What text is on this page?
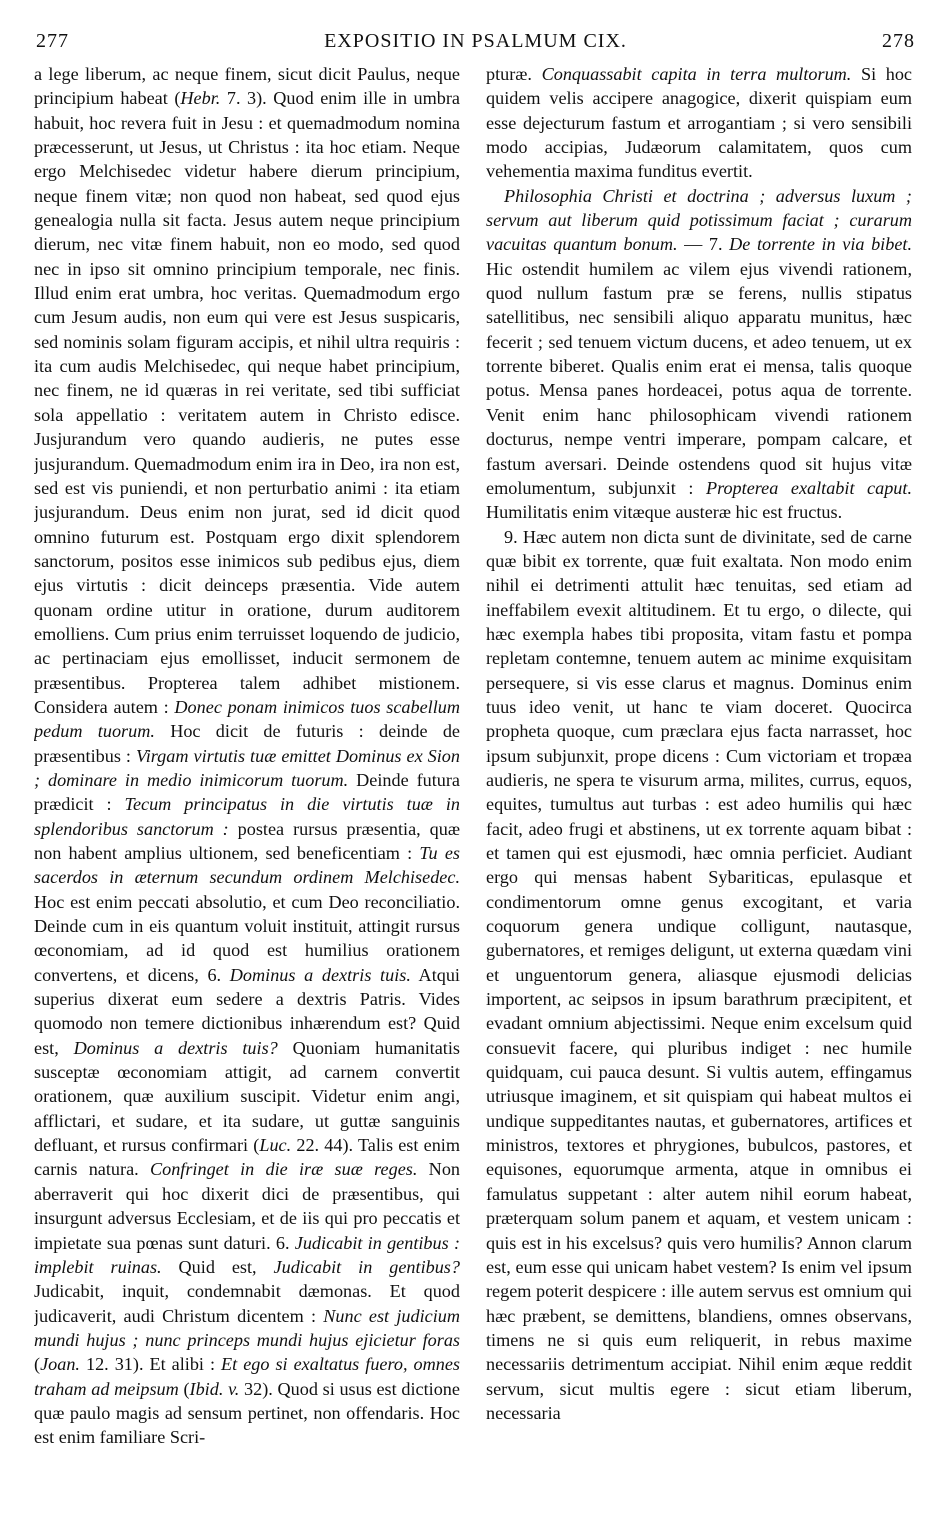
277	EXPOSITIO IN PSALMUM CIX.	278

a lege liberum, ac neque finem, sicut dicit Paulus, neque principium habeat (Hebr. 7. 3). Quod enim ille in umbra habuit, hoc revera fuit in Jesu : et quemadmodum nomina præcesserunt, ut Jesus, ut Christus : ita hoc etiam. Neque ergo Melchisedec videtur habere dierum principium, neque finem vitæ; non quod non habeat, sed quod ejus genealogia nulla sit facta. Jesus autem neque principium dierum, nec vitæ finem habuit, non eo modo, sed quod nec in ipso sit omnino principium temporale, nec finis. Illud enim erat umbra, hoc veritas. Quemadmodum ergo cum Jesum audis, non eum qui vere est Jesus suspicaris, sed nominis solam figuram accipis, et nihil ultra requiris : ita cum audis Melchisedec, qui neque habet principium, nec finem, ne id quæras in rei veritate, sed tibi sufficiat sola appellatio : veritatem autem in Christo edisce. Jusjurandum vero quando audieris, ne putes esse jusjurandum. Quemadmodum enim ira in Deo, ira non est, sed est vis puniendi, et non perturbatio animi : ita etiam jusjurandum. Deus enim non jurat, sed id dicit quod omnino futurum est. Postquam ergo dixit splendorem sanctorum, positos esse inimicos sub pedibus ejus, diem ejus virtutis : dicit deinceps præsentia. Vide autem quonam ordine utitur in oratione, durum auditorem emolliens. Cum prius enim terruisset loquendo de judicio, ac pertinaciam ejus emollisset, inducit sermonem de præsentibus. Propterea talem adhibet mistionem. Considera autem : Donec ponam inimicos tuos scabellum pedum tuorum. Hoc dicit de futuris : deinde de præsentibus : Virgam virtutis tuæ emittet Dominus ex Sion ; dominare in medio inimicorum tuorum. Deinde futura prædicit : Tecum principatus in die virtutis tuæ in splendoribus sanctorum : postea rursus præsentia, quæ non habent amplius ultionem, sed beneficentiam : Tu es sacerdos in æternum secundum ordinem Melchisedec. Hoc est enim peccati absolutio, et cum Deo reconciliatio. Deinde cum in eis quantum voluit instituit, attingit rursus œconomiam, ad id quod est humilius orationem convertens, et dicens, 6. Dominus a dextris tuis. Atqui superius dixerat eum sedere a dextris Patris. Vides quomodo non temere dictionibus inhærendum est? Quid est, Dominus a dextris tuis? Quoniam humanitatis susceptæ œconomiam attigit, ad carnem convertit orationem, quæ auxilium suscipit. Videtur enim angi, afflictari, et sudare, et ita sudare, ut guttæ sanguinis defluant, et rursus confirmari (Luc. 22. 44). Talis est enim carnis natura. Confringet in die iræ suæ reges. Non aberraverit qui hoc dixerit dici de præsentibus, qui insurgunt adversus Ecclesiam, et de iis qui pro peccatis et impietate sua pœnas sunt daturi. 6. Judicabit in gentibus : implebit ruinas. Quid est, Judicabit in gentibus? Judicabit, inquit, condemnabit dæmonas. Et quod judicaverit, audi Christum dicentem : Nunc est judicium mundi hujus ; nunc princeps mundi hujus ejicietur foras (Joan. 12. 31). Et alibi : Et ego si exaltatus fuero, omnes traham ad meipsum (Ibid. v. 32). Quod si usus est dictione quæ paulo magis ad sensum pertinet, non offendaris. Hoc est enim familiare Scri-

pturæ. Conquassabit capita in terra multorum. Si hoc quidem velis accipere anagogice, dixerit quispiam eum esse dejecturum fastum et arrogantiam ; si vero sensibili modo accipias, Judæorum calamitatem, quos cum vehementia maxima funditus evertit.

Philosophia Christi et doctrina ; adversus luxum ; servum aut liberum quid potissimum faciat ; curarum vacuitas quantum bonum. — 7. De torrente in via bibet. Hic ostendit humilem ac vilem ejus vivendi rationem, quod nullum fastum præ se ferens, nullis stipatus satellitibus, nec sensibili aliquo apparatu munitus, hæc fecerit ; sed tenuem victum ducens, et adeo tenuem, ut ex torrente biberet. Qualis enim erat ei mensa, talis quoque potus. Mensa panes hordeacei, potus aqua de torrente. Venit enim hanc philosophicam vivendi rationem docturus, nempe ventri imperare, pompam calcare, et fastum aversari. Deinde ostendens quod sit hujus vitæ emolumentum, subjunxit : Propterea exaltabit caput. Humilitatis enim vitæque austeræ hic est fructus.

9. Hæc autem non dicta sunt de divinitate, sed de carne quæ bibit ex torrente, quæ fuit exaltata. Non modo enim nihil ei detrimenti attulit hæc tenuitas, sed etiam ad ineffabilem evexit altitudinem. Et tu ergo, o dilecte, qui hæc exempla habes tibi proposita, vitam fastu et pompa repletam contemne, tenuem autem ac minime exquisitam persequere, si vis esse clarus et magnus. Dominus enim tuus ideo venit, ut hanc te viam doceret. Quocirca propheta quoque, cum præclara ejus facta narrasset, hoc ipsum subjunxit, prope dicens : Cum victoriam et tropæa audieris, ne spera te visurum arma, milites, currus, equos, equites, tumultus aut turbas : est adeo humilis qui hæc facit, adeo frugi et abstinens, ut ex torrente aquam bibat : et tamen qui est ejusmodi, hæc omnia perficiet. Audiant ergo qui mensas habent Sybariticas, epulasque et condimentorum omne genus excogitant, et varia coquorum genera undique colligunt, nautasque, gubernatores, et remiges deligunt, ut externa quædam vini et unguentorum genera, aliasque ejusmodi delicias importent, ac seipsos in ipsum barathrum præcipitent, et evadant omnium abjectissimi. Neque enim excelsum quid consuevit facere, qui pluribus indiget : nec humile quidquam, cui pauca desunt. Si vultis autem, effingamus utriusque imaginem, et sit quispiam qui habeat multos ei undique suppeditantes nautas, et gubernatores, artifices et ministros, textores et phrygiones, bubulcos, pastores, et equisones, equorumque armenta, atque in omnibus ei famulatus suppetant : alter autem nihil eorum habeat, præterquam solum panem et aquam, et vestem unicam : quis est in his excelsus? quis vero humilis? Annon clarum est, eum esse qui unicam habet vestem? Is enim vel ipsum regem poterit despicere : ille autem servus est omnium qui hæc præbent, se demittens, blandiens, omnes observans, timens ne si quis eum reliquerit, in rebus maxime necessariis detrimentum accipiat. Nihil enim æque reddit servum, sicut multis egere : sicut etiam liberum, necessaria
